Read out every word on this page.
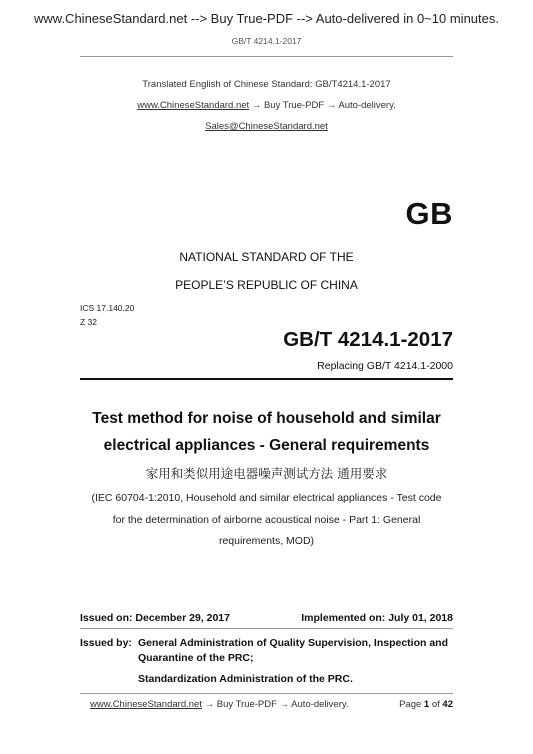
www.ChineseStandard.net --> Buy True-PDF --> Auto-delivered in 0~10 minutes.
GB/T 4214.1-2017
Translated English of Chinese Standard: GB/T4214.1-2017
www.ChineseStandard.net → Buy True-PDF → Auto-delivery.
Sales@ChineseStandard.net
GB
NATIONAL STANDARD OF THE
PEOPLE’S REPUBLIC OF CHINA
ICS 17.140.20
Z 32
GB/T 4214.1-2017
Replacing GB/T 4214.1-2000
Test method for noise of household and similar
electrical appliances - General requirements
家用和类似用途电器噪声测试方法 通用要求
(IEC 60704-1:2010, Household and similar electrical appliances - Test code
for the determination of airborne acoustical noise - Part 1: General
requirements, MOD)
Issued on: December 29, 2017	Implemented on: July 01, 2018
Issued by: General Administration of Quality Supervision, Inspection and
Quarantine of the PRC;
Standardization Administration of the PRC.
www.ChineseStandard.net → Buy True-PDF → Auto-delivery.	Page 1 of 42
